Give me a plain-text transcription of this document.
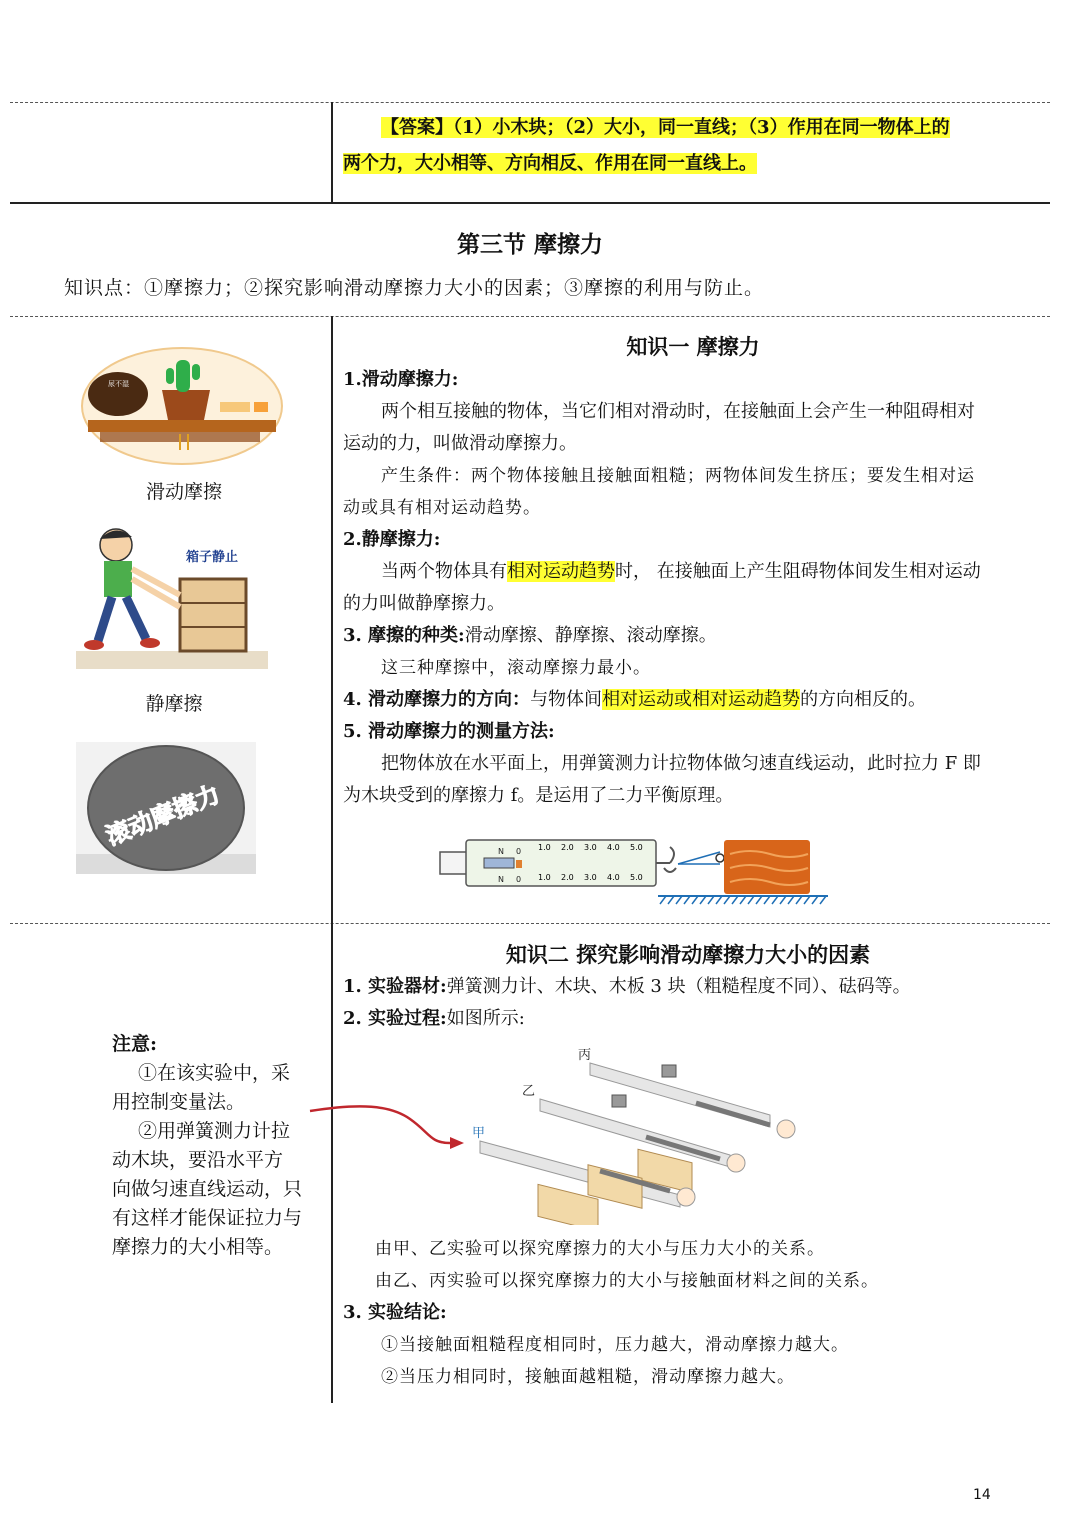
【答案】（1）小木块；（2）大小，同一直线；（3）作用在同一物体上的
两个力，大小相等、方向相反、作用在同一直线上。
第三节 摩擦力
知识点：①摩擦力；②探究影响滑动摩擦力大小的因素；③摩擦的利用与防止。
尿不湿
滑动摩擦
箱子静止
静摩擦
滚动摩擦力
知识一 摩擦力
1.滑动摩擦力:
两个相互接触的物体，当它们相对滑动时，在接触面上会产生一种阻碍相对
运动的力，叫做滑动摩擦力。
产生条件：两个物体接触且接触面粗糙；两物体间发生挤压；要发生相对运
动或具有相对运动趋势。
2.静摩擦力:
当两个物体具有相对运动趋势时， 在接触面上产生阻碍物体间发生相对运动
的力叫做静摩擦力。
3. 摩擦的种类:滑动摩擦、静摩擦、滚动摩擦。
这三种摩擦中，滚动摩擦力最小。
4. 滑动摩擦力的方向：与物体间相对运动或相对运动趋势的方向相反的。
5. 滑动摩擦力的测量方法:
把物体放在水平面上，用弹簧测力计拉物体做匀速直线运动，此时拉力 F 即
为木块受到的摩擦力 f。是运用了二力平衡原理。
N
N
0
0
1.0 2.0 3.0 4.0 5.0
1.0 2.0 3.0 4.0 5.0
知识二 探究影响滑动摩擦力大小的因素
1. 实验器材:弹簧测力计、木块、木板 3 块（粗糙程度不同）、砝码等。
2. 实验过程:如图所示:
注意:
①在该实验中，采
用控制变量法。
②用弹簧测力计拉
动木块，要沿水平方
向做匀速直线运动，只
有这样才能保证拉力与
摩擦力的大小相等。
丙
乙
甲
由甲、乙实验可以探究摩擦力的大小与压力大小的关系。
由乙、丙实验可以探究摩擦力的大小与接触面材料之间的关系。
3. 实验结论:
①当接触面粗糙程度相同时，压力越大，滑动摩擦力越大。
②当压力相同时，接触面越粗糙，滑动摩擦力越大。
14
